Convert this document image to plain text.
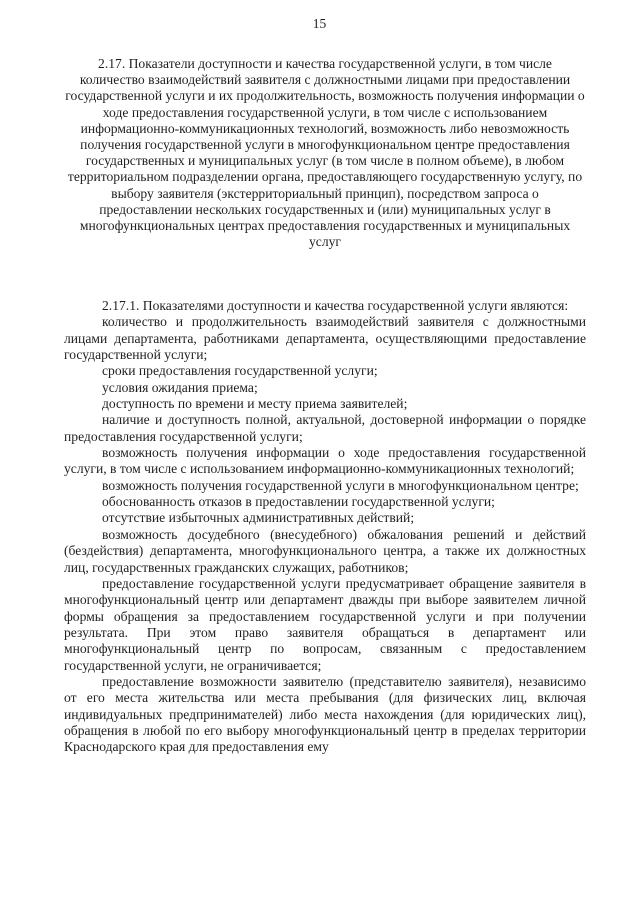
15

2.17. Показатели доступности и качества государственной услуги, в том числе количество взаимодействий заявителя с должностными лицами при предоставлении государственной услуги и их продолжительность, возможность получения информации о ходе предоставления государственной услуги, в том числе с использованием информационно-коммуникационных технологий, возможность либо невозможность получения государственной услуги в многофункциональном центре предоставления государственных и муниципальных услуг (в том числе в полном объеме), в любом территориальном подразделении органа, предоставляющего государственную услугу, по выбору заявителя (экстерриториальный принцип), посредством запроса о предоставлении нескольких государственных и (или) муниципальных услуг в многофункциональных центрах предоставления государственных и муниципальных услуг

2.17.1. Показателями доступности и качества государственной услуги являются:

количество и продолжительность взаимодействий заявителя с должностными лицами департамента, работниками департамента, осуществляющими предоставление государственной услуги;

сроки предоставления государственной услуги;

условия ожидания приема;

доступность по времени и месту приема заявителей;

наличие и доступность полной, актуальной, достоверной информации о порядке предоставления государственной услуги;

возможность получения информации о ходе предоставления государственной услуги, в том числе с использованием информационно-коммуникационных технологий;

возможность получения государственной услуги в многофункциональном центре;

обоснованность отказов в предоставлении государственной услуги;

отсутствие избыточных административных действий;

возможность досудебного (внесудебного) обжалования решений и действий (бездействия) департамента, многофункционального центра, а также их должностных лиц, государственных гражданских служащих, работников;

предоставление государственной услуги предусматривает обращение заявителя в многофункциональный центр или департамент дважды при выборе заявителем личной формы обращения за предоставлением государственной услуги и при получении результата. При этом право заявителя обращаться в департамент или многофункциональный центр по вопросам, связанным с предоставлением государственной услуги, не ограничивается;

предоставление возможности заявителю (представителю заявителя), независимо от его места жительства или места пребывания (для физических лиц, включая индивидуальных предпринимателей) либо места нахождения (для юридических лиц), обращения в любой по его выбору многофункциональный центр в пределах территории Краснодарского края для предоставления ему
